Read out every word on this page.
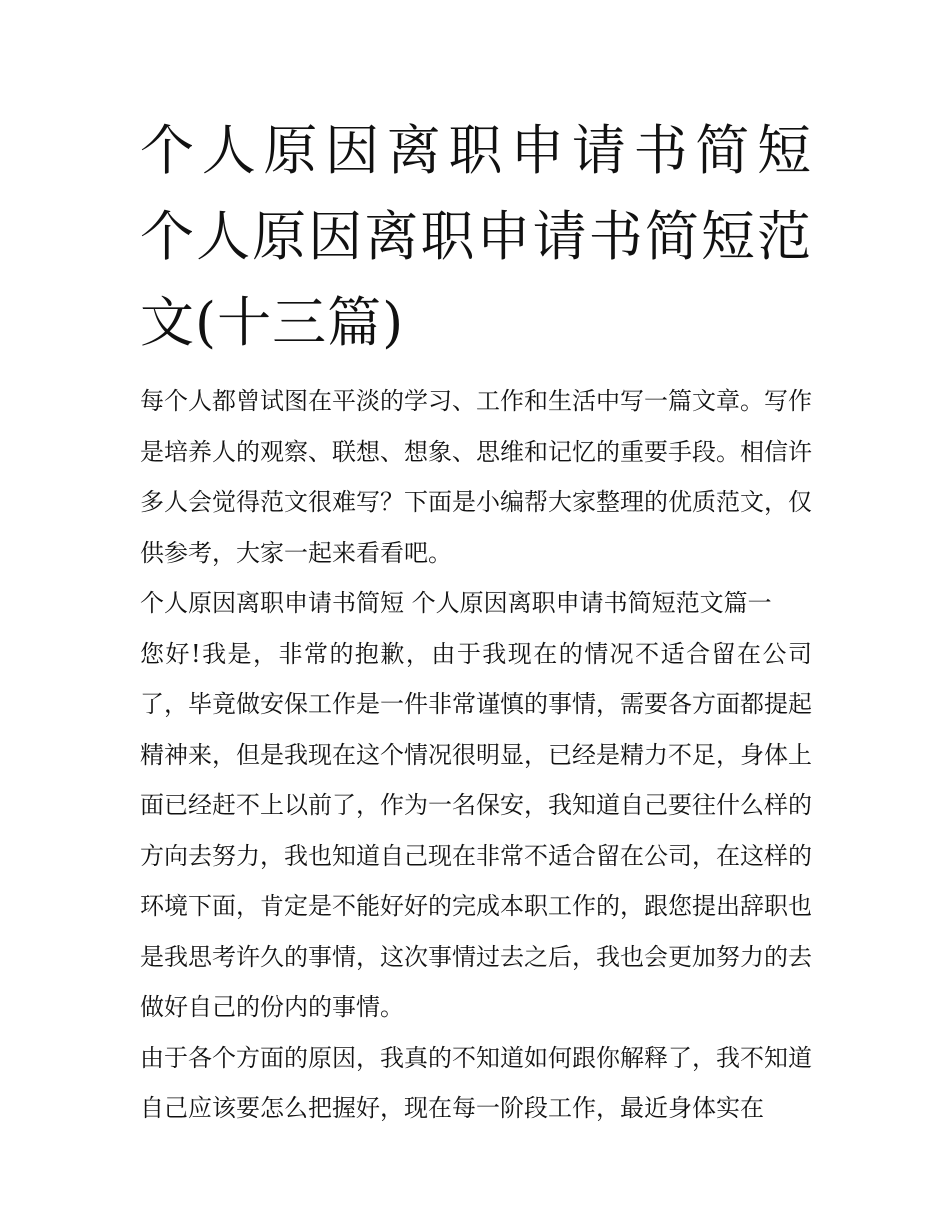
个人原因离职申请书简短 个人原因离职申请书简短范文(十三篇)

每个人都曾试图在平淡的学习、工作和生活中写一篇文章。写作是培养人的观察、联想、想象、思维和记忆的重要手段。相信许多人会觉得范文很难写？下面是小编帮大家整理的优质范文，仅供参考，大家一起来看看吧。

个人原因离职申请书简短 个人原因离职申请书简短范文篇一

您好!我是，非常的抱歉，由于我现在的情况不适合留在公司了，毕竟做安保工作是一件非常谨慎的事情，需要各方面都提起精神来，但是我现在这个情况很明显，已经是精力不足，身体上面已经赶不上以前了，作为一名保安，我知道自己要往什么样的方向去努力，我也知道自己现在非常不适合留在公司，在这样的环境下面，肯定是不能好好的完成本职工作的，跟您提出辞职也是我思考许久的事情，这次事情过去之后，我也会更加努力的去做好自己的份内的事情。

由于各个方面的原因，我真的不知道如何跟你解释了，我不知道自己应该要怎么把握好，现在每一阶段工作，最近身体实在
